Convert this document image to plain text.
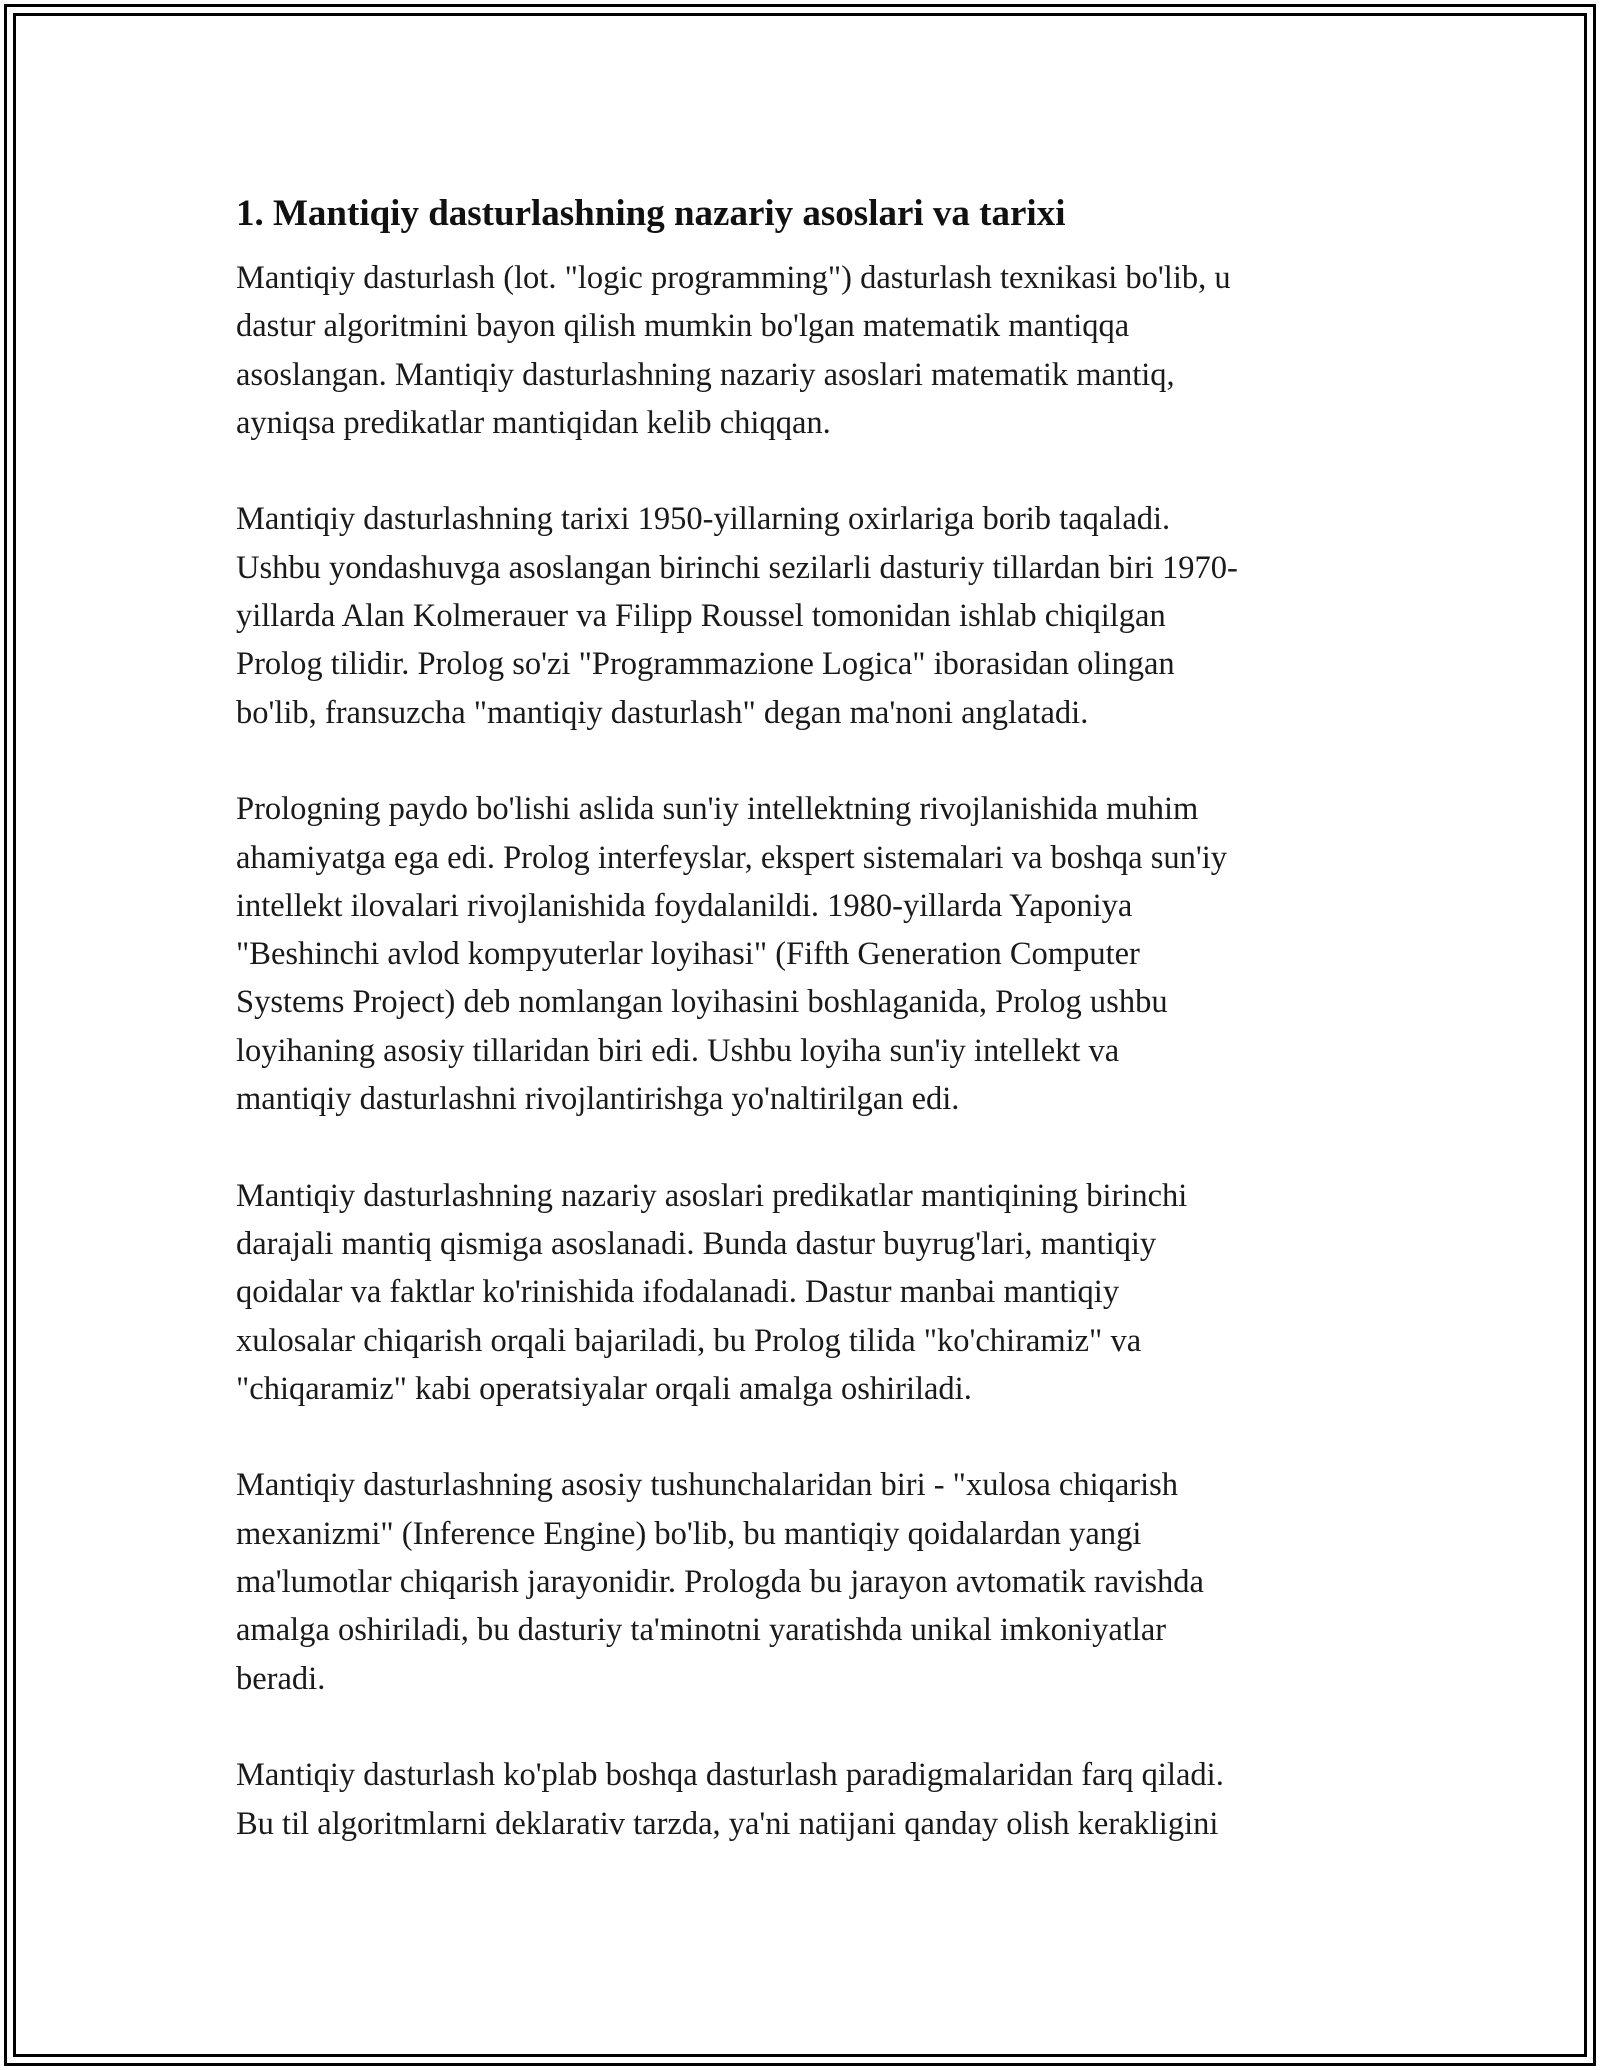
1. Mantiqiy dasturlashning nazariy asoslari va tarixi

Mantiqiy dasturlash (lot. "logic programming") dasturlash texnikasi bo'lib, u
dastur algoritmini bayon qilish mumkin bo'lgan matematik mantiqqa
asoslangan. Mantiqiy dasturlashning nazariy asoslari matematik mantiq,
ayniqsa predikatlar mantiqidan kelib chiqqan.

Mantiqiy dasturlashning tarixi 1950-yillarning oxirlariga borib taqaladi.
Ushbu yondashuvga asoslangan birinchi sezilarli dasturiy tillardan biri 1970-
yillarda Alan Kolmerauer va Filipp Roussel tomonidan ishlab chiqilgan
Prolog tilidir. Prolog so'zi "Programmazione Logica" iborasidan olingan
bo'lib, fransuzcha "mantiqiy dasturlash" degan ma'noni anglatadi.

Prologning paydo bo'lishi aslida sun'iy intellektning rivojlanishida muhim
ahamiyatga ega edi. Prolog interfeyslar, ekspert sistemalari va boshqa sun'iy
intellekt ilovalari rivojlanishida foydalanildi. 1980-yillarda Yaponiya
"Beshinchi avlod kompyuterlar loyihasi" (Fifth Generation Computer
Systems Project) deb nomlangan loyihasini boshlaganida, Prolog ushbu
loyihaning asosiy tillaridan biri edi. Ushbu loyiha sun'iy intellekt va
mantiqiy dasturlashni rivojlantirishga yo'naltirilgan edi.

Mantiqiy dasturlashning nazariy asoslari predikatlar mantiqining birinchi
darajali mantiq qismiga asoslanadi. Bunda dastur buyrug'lari, mantiqiy
qoidalar va faktlar ko'rinishida ifodalanadi. Dastur manbai mantiqiy
xulosalar chiqarish orqali bajariladi, bu Prolog tilida "ko'chiramiz" va
"chiqaramiz" kabi operatsiyalar orqali amalga oshiriladi.

Mantiqiy dasturlashning asosiy tushunchalaridan biri - "xulosa chiqarish
mexanizmi" (Inference Engine) bo'lib, bu mantiqiy qoidalardan yangi
ma'lumotlar chiqarish jarayonidir. Prologda bu jarayon avtomatik ravishda
amalga oshiriladi, bu dasturiy ta'minotni yaratishda unikal imkoniyatlar
beradi.

Mantiqiy dasturlash ko'plab boshqa dasturlash paradigmalaridan farq qiladi.
Bu til algoritmlarni deklarativ tarzda, ya'ni natijani qanday olish kerakligini
